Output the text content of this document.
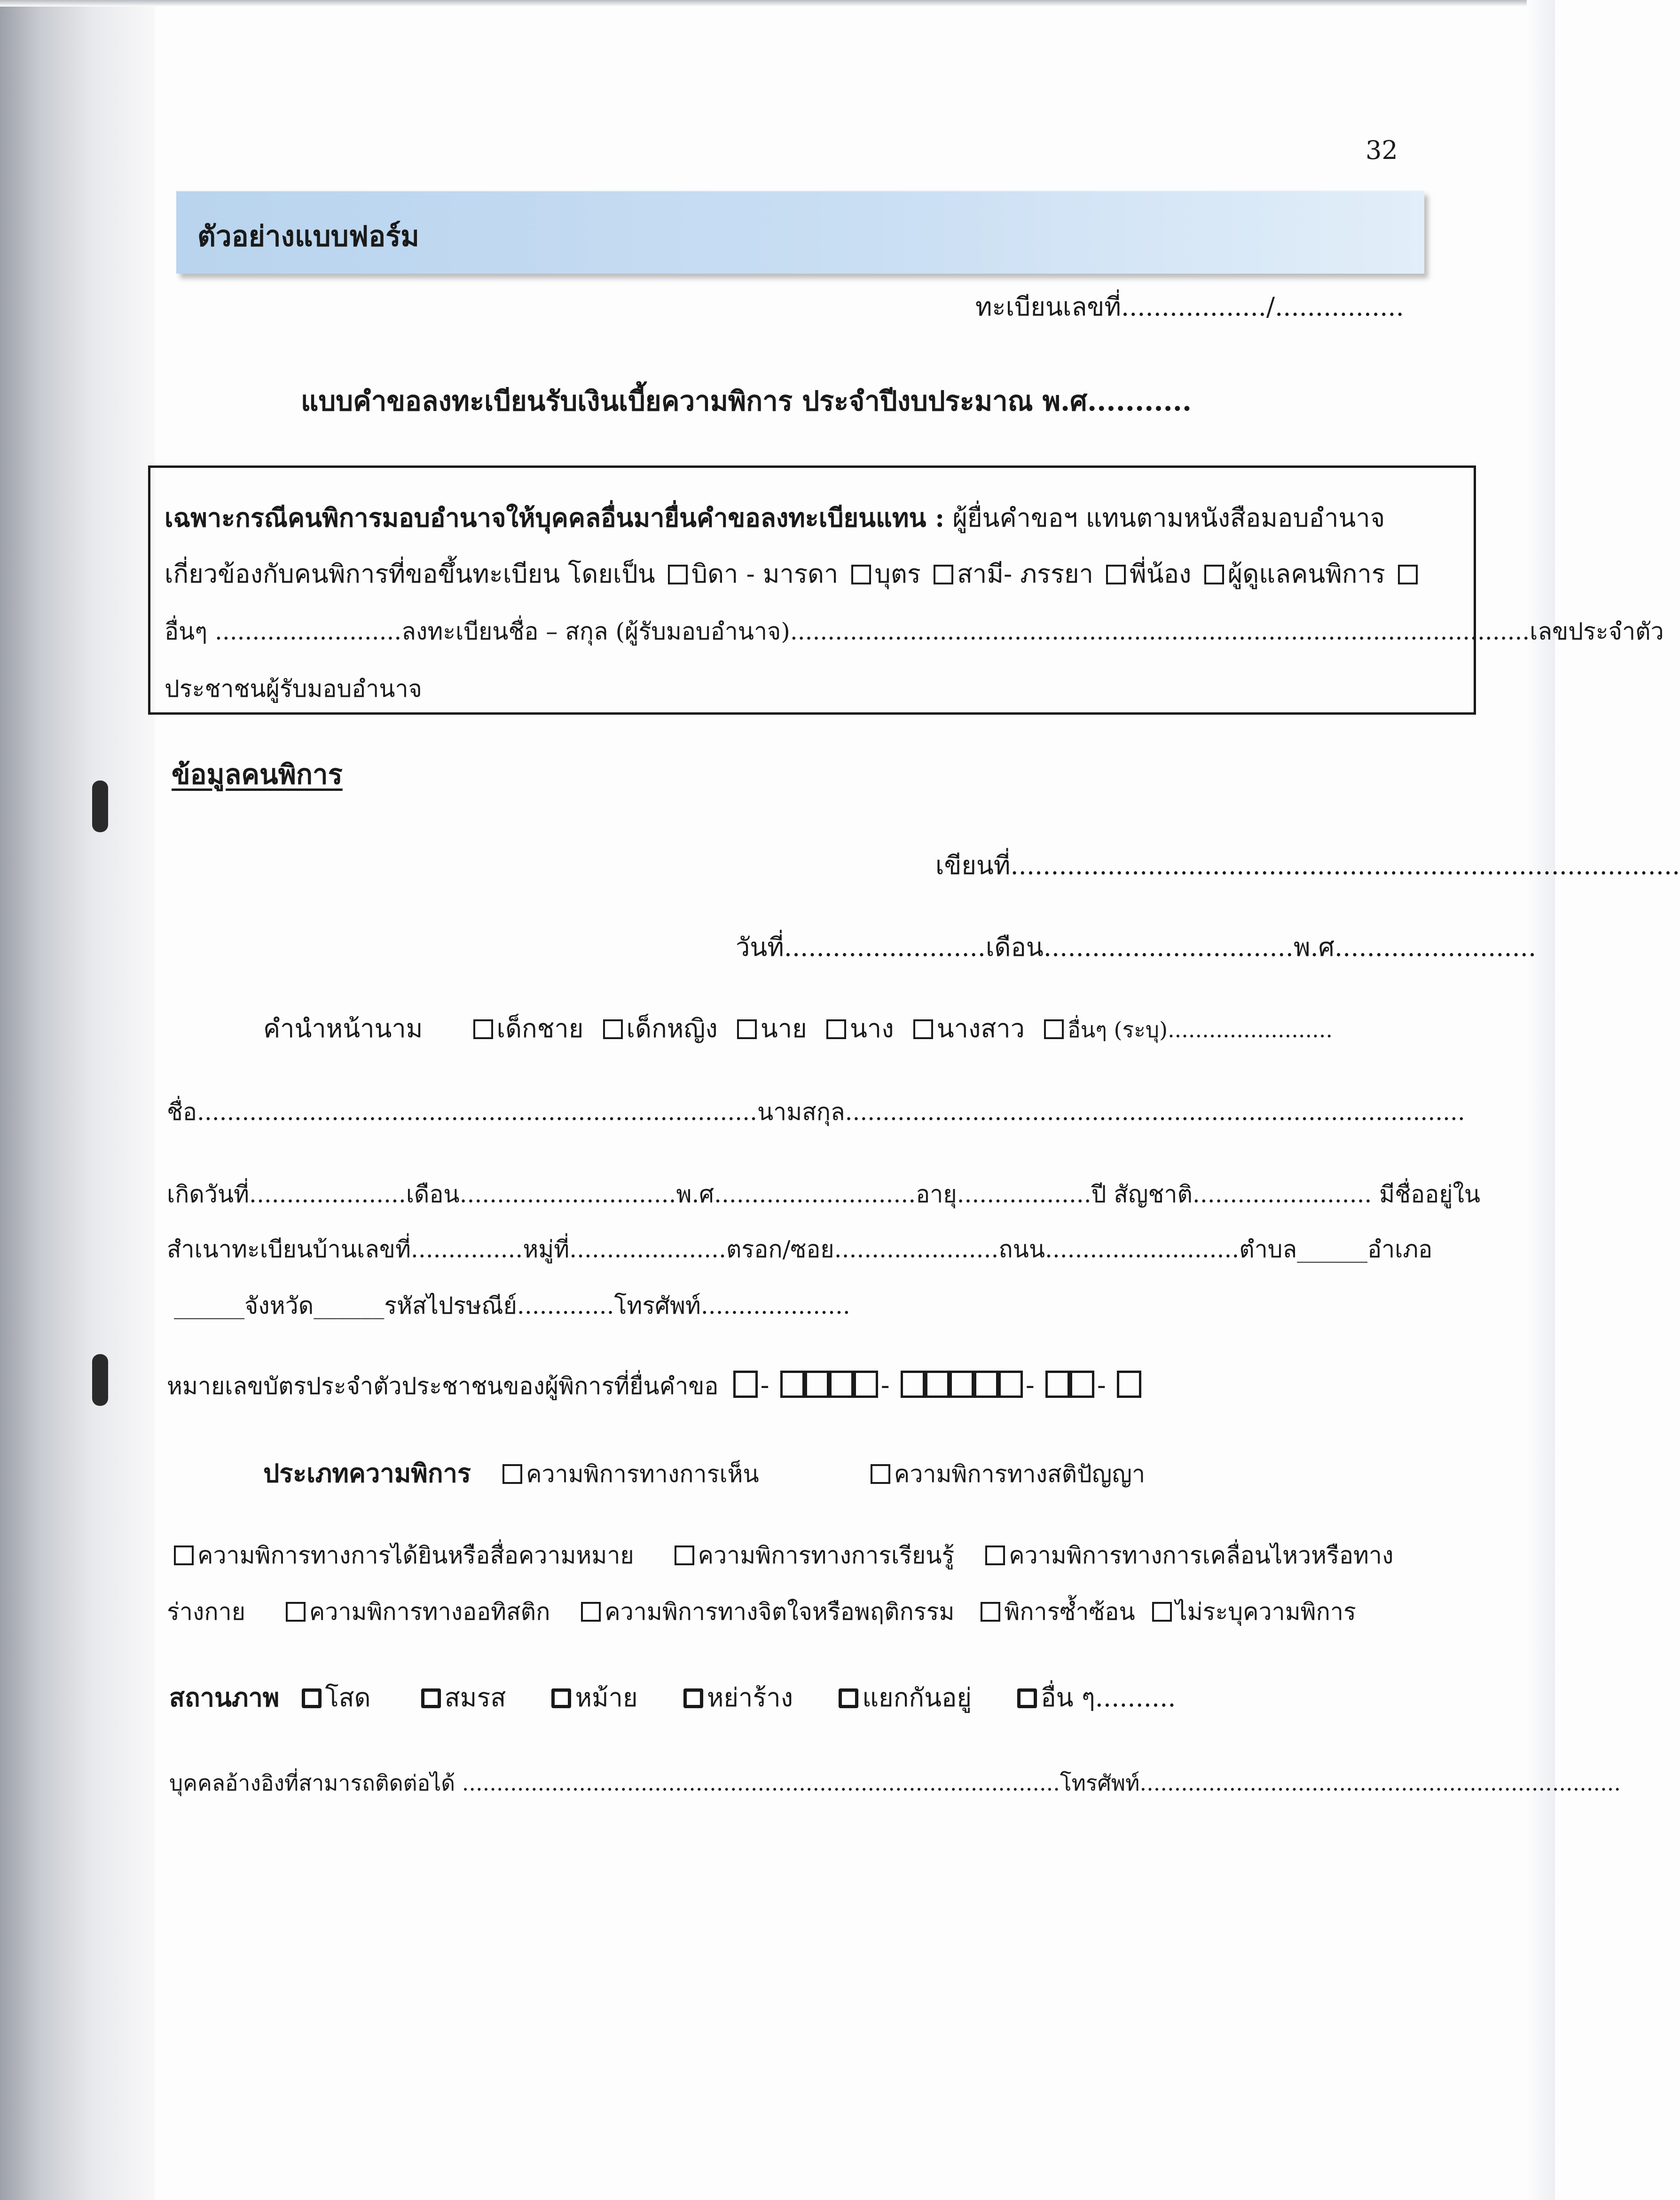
32
ตัวอย่างแบบฟอร์ม
ทะเบียนเลขที่................../................
แบบคำขอลงทะเบียนรับเงินเบี้ยความพิการ ประจำปีงบประมาณ พ.ศ...........
เฉพาะกรณีคนพิการมอบอำนาจให้บุคคลอื่นมายื่นคำขอลงทะเบียนแทน : ผู้ยื่นคำขอฯ แทนตามหนังสือมอบอำนาจ
เกี่ยวข้องกับคนพิการที่ขอขึ้นทะเบียน โดยเป็น บิดา - มารดา บุตร สามี- ภรรยา พี่น้อง ผู้ดูแลคนพิการ
อื่นๆ .........................ลงทะเบียนชื่อ – สกุล (ผู้รับมอบอำนาจ)...................................................................................................เลขประจำตัว
ประชาชนผู้รับมอบอำนาจ
ข้อมูลคนพิการ
เขียนที่...................................................................................
วันที่.........................เดือน...............................พ.ศ.........................
คำนำหน้านาม	เด็กชาย เด็กหญิง นาย นาง นางสาว อื่นๆ (ระบุ)........................
ชื่อ...........................................................................นามสกุล...................................................................................
เกิดวันที่.....................เดือน.............................พ.ศ...........................อายุ..................ปี สัญชาติ........................ มีชื่ออยู่ใน
สำเนาทะเบียนบ้านเลขที่...............หมู่ที่.....................ตรอก/ซอย......................ถนน..........................ตำบล______อำเภอ
______จังหวัด______รหัสไปรษณีย์.............โทรศัพท์....................
หมายเลขบัตรประจำตัวประชาชนของผู้พิการที่ยื่นคำขอ -	-	- -
ประเภทความพิการ ความพิการทางการเห็น	ความพิการทางสติปัญญา
ความพิการทางการได้ยินหรือสื่อความหมาย	ความพิการทางการเรียนรู้ ความพิการทางการเคลื่อนไหวหรือทาง
ร่างกาย	ความพิการทางออทิสติก ความพิการทางจิตใจหรือพฤติกรรม พิการซ้ำซ้อน ไม่ระบุความพิการ
สถานภาพ โสด	สมรส	หม้าย	หย่าร้าง	แยกกันอยู่	อื่น ๆ..........
บุคคลอ้างอิงที่สามารถติดต่อได้ .......................................................................................โทรศัพท์......................................................................
